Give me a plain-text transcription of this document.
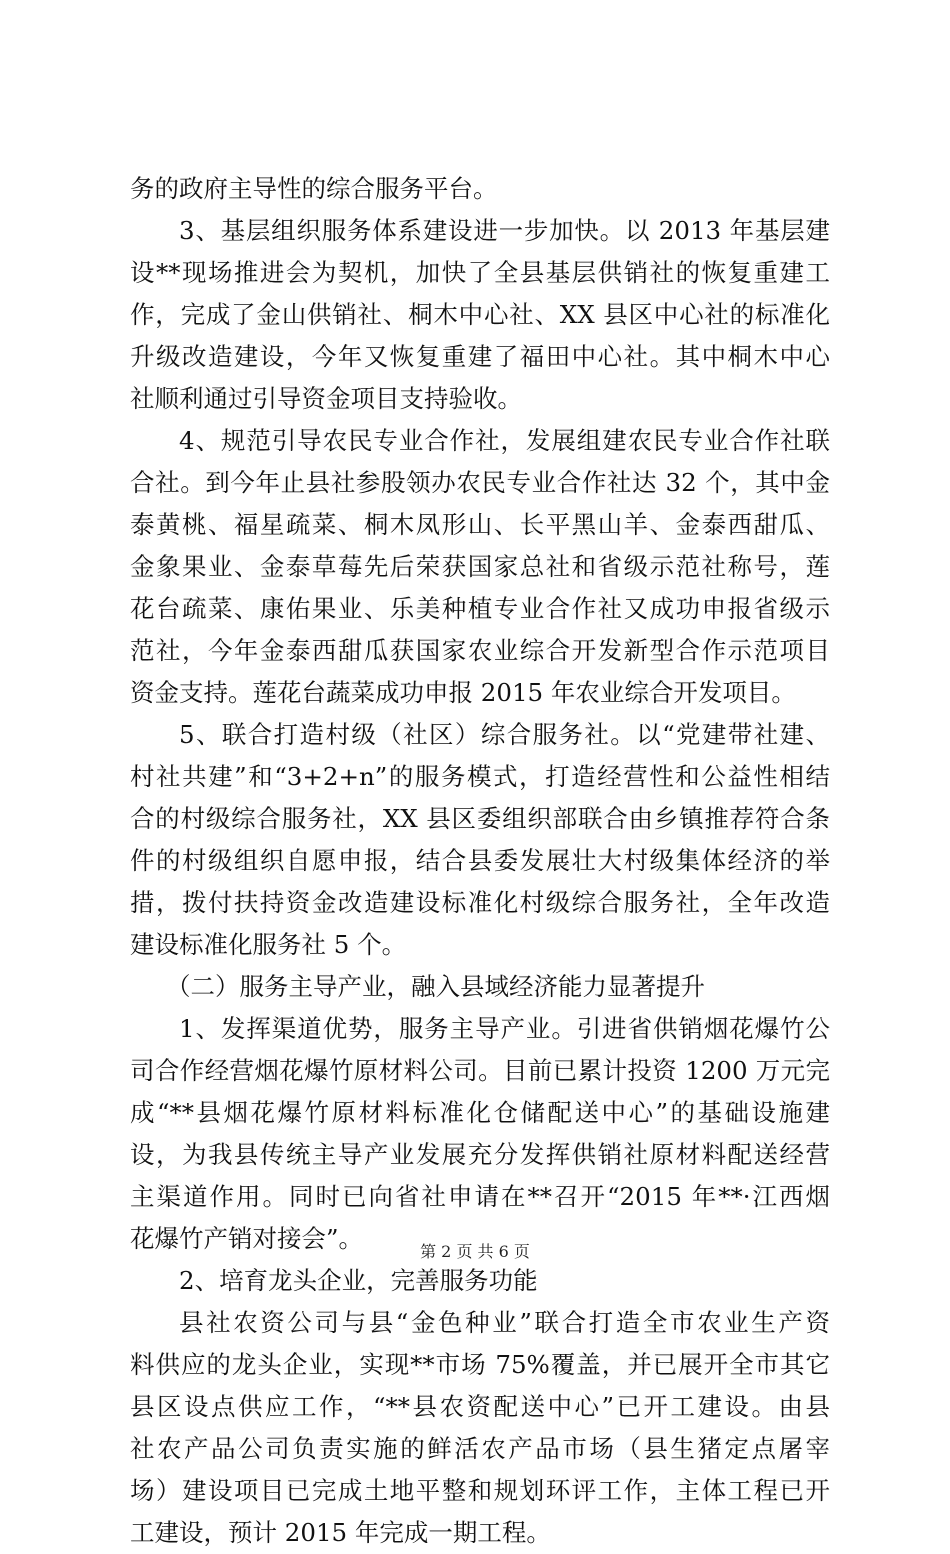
务的政府主导性的综合服务平台。
3、基层组织服务体系建设进一步加快。以 2013 年基层建
设**现场推进会为契机，加快了全县基层供销社的恢复重建工
作，完成了金山供销社、桐木中心社、XX 县区中心社的标准化
升级改造建设，今年又恢复重建了福田中心社。其中桐木中心
社顺利通过引导资金项目支持验收。
4、规范引导农民专业合作社，发展组建农民专业合作社联
合社。到今年止县社参股领办农民专业合作社达 32 个，其中金
泰黄桃、福星疏菜、桐木凤形山、长平黑山羊、金泰西甜瓜、
金象果业、金泰草莓先后荣获国家总社和省级示范社称号，莲
花台疏菜、康佑果业、乐美种植专业合作社又成功申报省级示
范社，今年金泰西甜瓜获国家农业综合开发新型合作示范项目
资金支持。莲花台蔬菜成功申报 2015 年农业综合开发项目。
5、联合打造村级（社区）综合服务社。以“党建带社建、
村社共建”和“3+2+n”的服务模式，打造经营性和公益性相结
合的村级综合服务社，XX 县区委组织部联合由乡镇推荐符合条
件的村级组织自愿申报，结合县委发展壮大村级集体经济的举
措，拨付扶持资金改造建设标准化村级综合服务社，全年改造
建设标准化服务社 5 个。
（二）服务主导产业，融入县域经济能力显著提升
1、发挥渠道优势，服务主导产业。引进省供销烟花爆竹公
司合作经营烟花爆竹原材料公司。目前已累计投资 1200 万元完
成“**县烟花爆竹原材料标准化仓储配送中心”的基础设施建
设，为我县传统主导产业发展充分发挥供销社原材料配送经营
主渠道作用。同时已向省社申请在**召开“2015 年**·江西烟
花爆竹产销对接会”。
2、培育龙头企业，完善服务功能
县社农资公司与县“金色种业”联合打造全市农业生产资
料供应的龙头企业，实现**市场 75%覆盖，并已展开全市其它
县区设点供应工作，“**县农资配送中心”已开工建设。由县
社农产品公司负责实施的鲜活农产品市场（县生猪定点屠宰
场）建设项目已完成土地平整和规划环评工作，主体工程已开
工建设，预计 2015 年完成一期工程。
第 2 页 共 6 页
